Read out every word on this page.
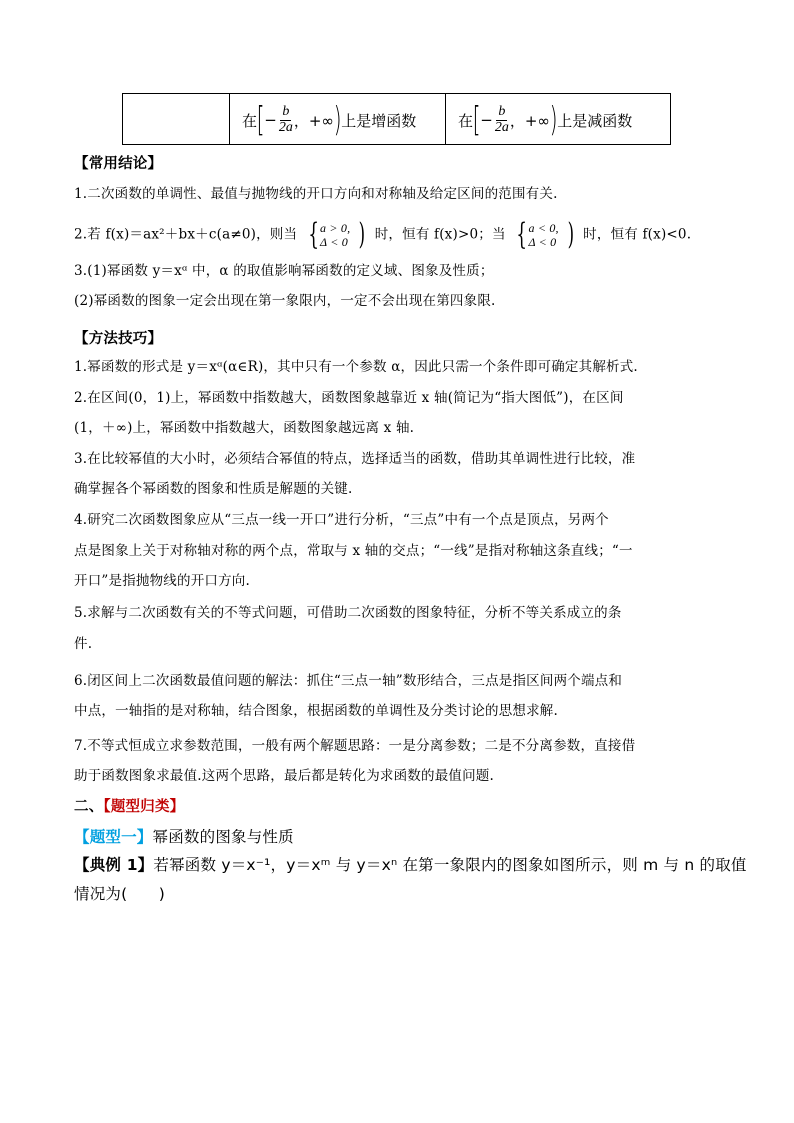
在 [ − $\frac{b}{2a}$ ，+∞ ) 上是增函数	在 [ − $\frac{b}{2a}$ ，+∞ ) 上是减函数
【常用结论】
1.二次函数的单调性、最值与抛物线的开口方向和对称轴及给定区间的范围有关.
2.若 f(x)＝ax²＋bx＋c(a≠0)，则当 { a > 0,
Δ < 0 ) 时，恒有 f(x)>0；当 { a < 0,
Δ < 0 ) 时，恒有 f(x)<0.
3.(1)幂函数 y＝xᵅ 中，α 的取值影响幂函数的定义域、图象及性质；
(2)幂函数的图象一定会出现在第一象限内，一定不会出现在第四象限.
【方法技巧】
1.幂函数的形式是 y＝xᵅ(α∈R)，其中只有一个参数 α，因此只需一个条件即可确定其解析式.
2.在区间(0，1)上，幂函数中指数越大，函数图象越靠近 x 轴(简记为“指大图低”)，在区间
(1，＋∞)上，幂函数中指数越大，函数图象越远离 x 轴.
3.在比较幂值的大小时，必须结合幂值的特点，选择适当的函数，借助其单调性进行比较，准
确掌握各个幂函数的图象和性质是解题的关键.
4.研究二次函数图象应从“三点一线一开口”进行分析，“三点”中有一个点是顶点，另两个
点是图象上关于对称轴对称的两个点，常取与 x 轴的交点；“一线”是指对称轴这条直线；“一
开口”是指抛物线的开口方向.
5.求解与二次函数有关的不等式问题，可借助二次函数的图象特征，分析不等关系成立的条
件.
6.闭区间上二次函数最值问题的解法：抓住“三点一轴”数形结合，三点是指区间两个端点和
中点，一轴指的是对称轴，结合图象，根据函数的单调性及分类讨论的思想求解.
7.不等式恒成立求参数范围，一般有两个解题思路：一是分离参数；二是不分离参数，直接借
助于函数图象求最值.这两个思路，最后都是转化为求函数的最值问题.
二、【题型归类】
【题型一】幂函数的图象与性质
【典例 1】若幂函数 y＝x⁻¹，y＝xᵐ 与 y＝xⁿ 在第一象限内的图象如图所示，则 m 与 n 的取值
情况为(　　)
